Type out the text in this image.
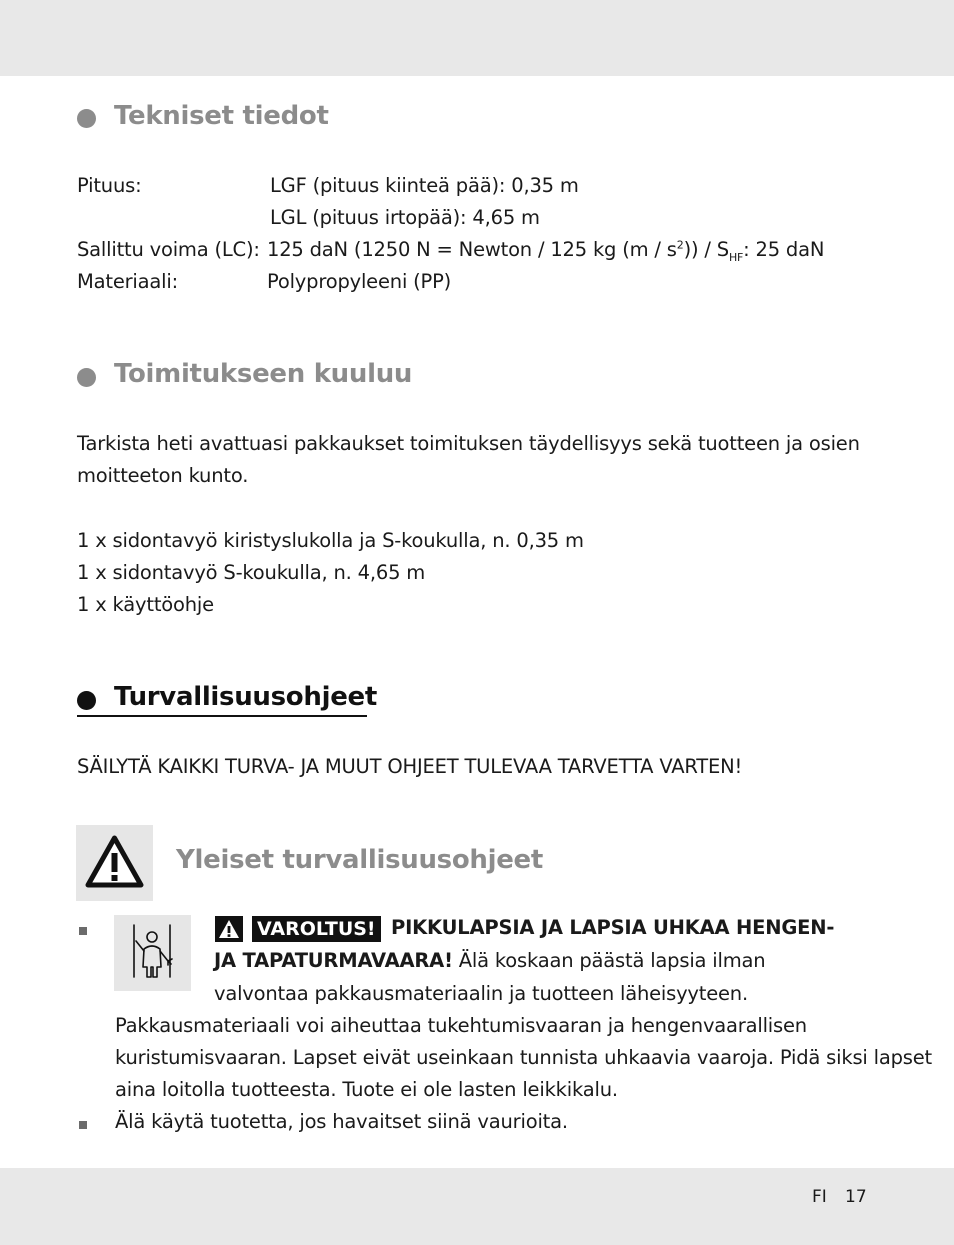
Tekniset tiedot
Pituus:	LGF (pituus kiinteä pää): 0,35 m
LGL (pituus irtopää): 4,65 m
Sallittu voima (LC): 125 daN (1250 N = Newton / 125 kg $(m / s^2)) / S_{HF}$: 25 daN
Materiaali:	Polypropyleeni (PP)
Toimitukseen kuuluu
Tarkista heti avattuasi pakkaukset toimituksen täydellisyys sekä tuotteen ja osien
moitteeton kunto.
1 x sidontavyö kiristyslukolla ja S-koukulla, n. 0,35 m
1 x sidontavyö S-koukulla, n. 4,65 m
1 x käyttöohje
Turvallisuusohjeet
SÄILYTÄ KAIKKI TURVA- JA MUUT OHJEET TULEVAA TARVETTA VARTEN!
Yleiset turvallisuusohjeet
VAROLTUS! PIKKULAPSIA JA LAPSIA UHKAA HENGEN-
JA TAPATURMAVAARA! Älä koskaan päästä lapsia ilman
valvontaa pakkausmateriaalin ja tuotteen läheisyyteen.
Pakkausmateriaali voi aiheuttaa tukehtumisvaaran ja hengenvaarallisen
kuristumisvaaran. Lapset eivät useinkaan tunnista uhkaavia vaaroja. Pidä siksi lapset
aina loitolla tuotteesta. Tuote ei ole lasten leikkikalu.
Älä käytä tuotetta, jos havaitset siinä vaurioita.
FI 17
